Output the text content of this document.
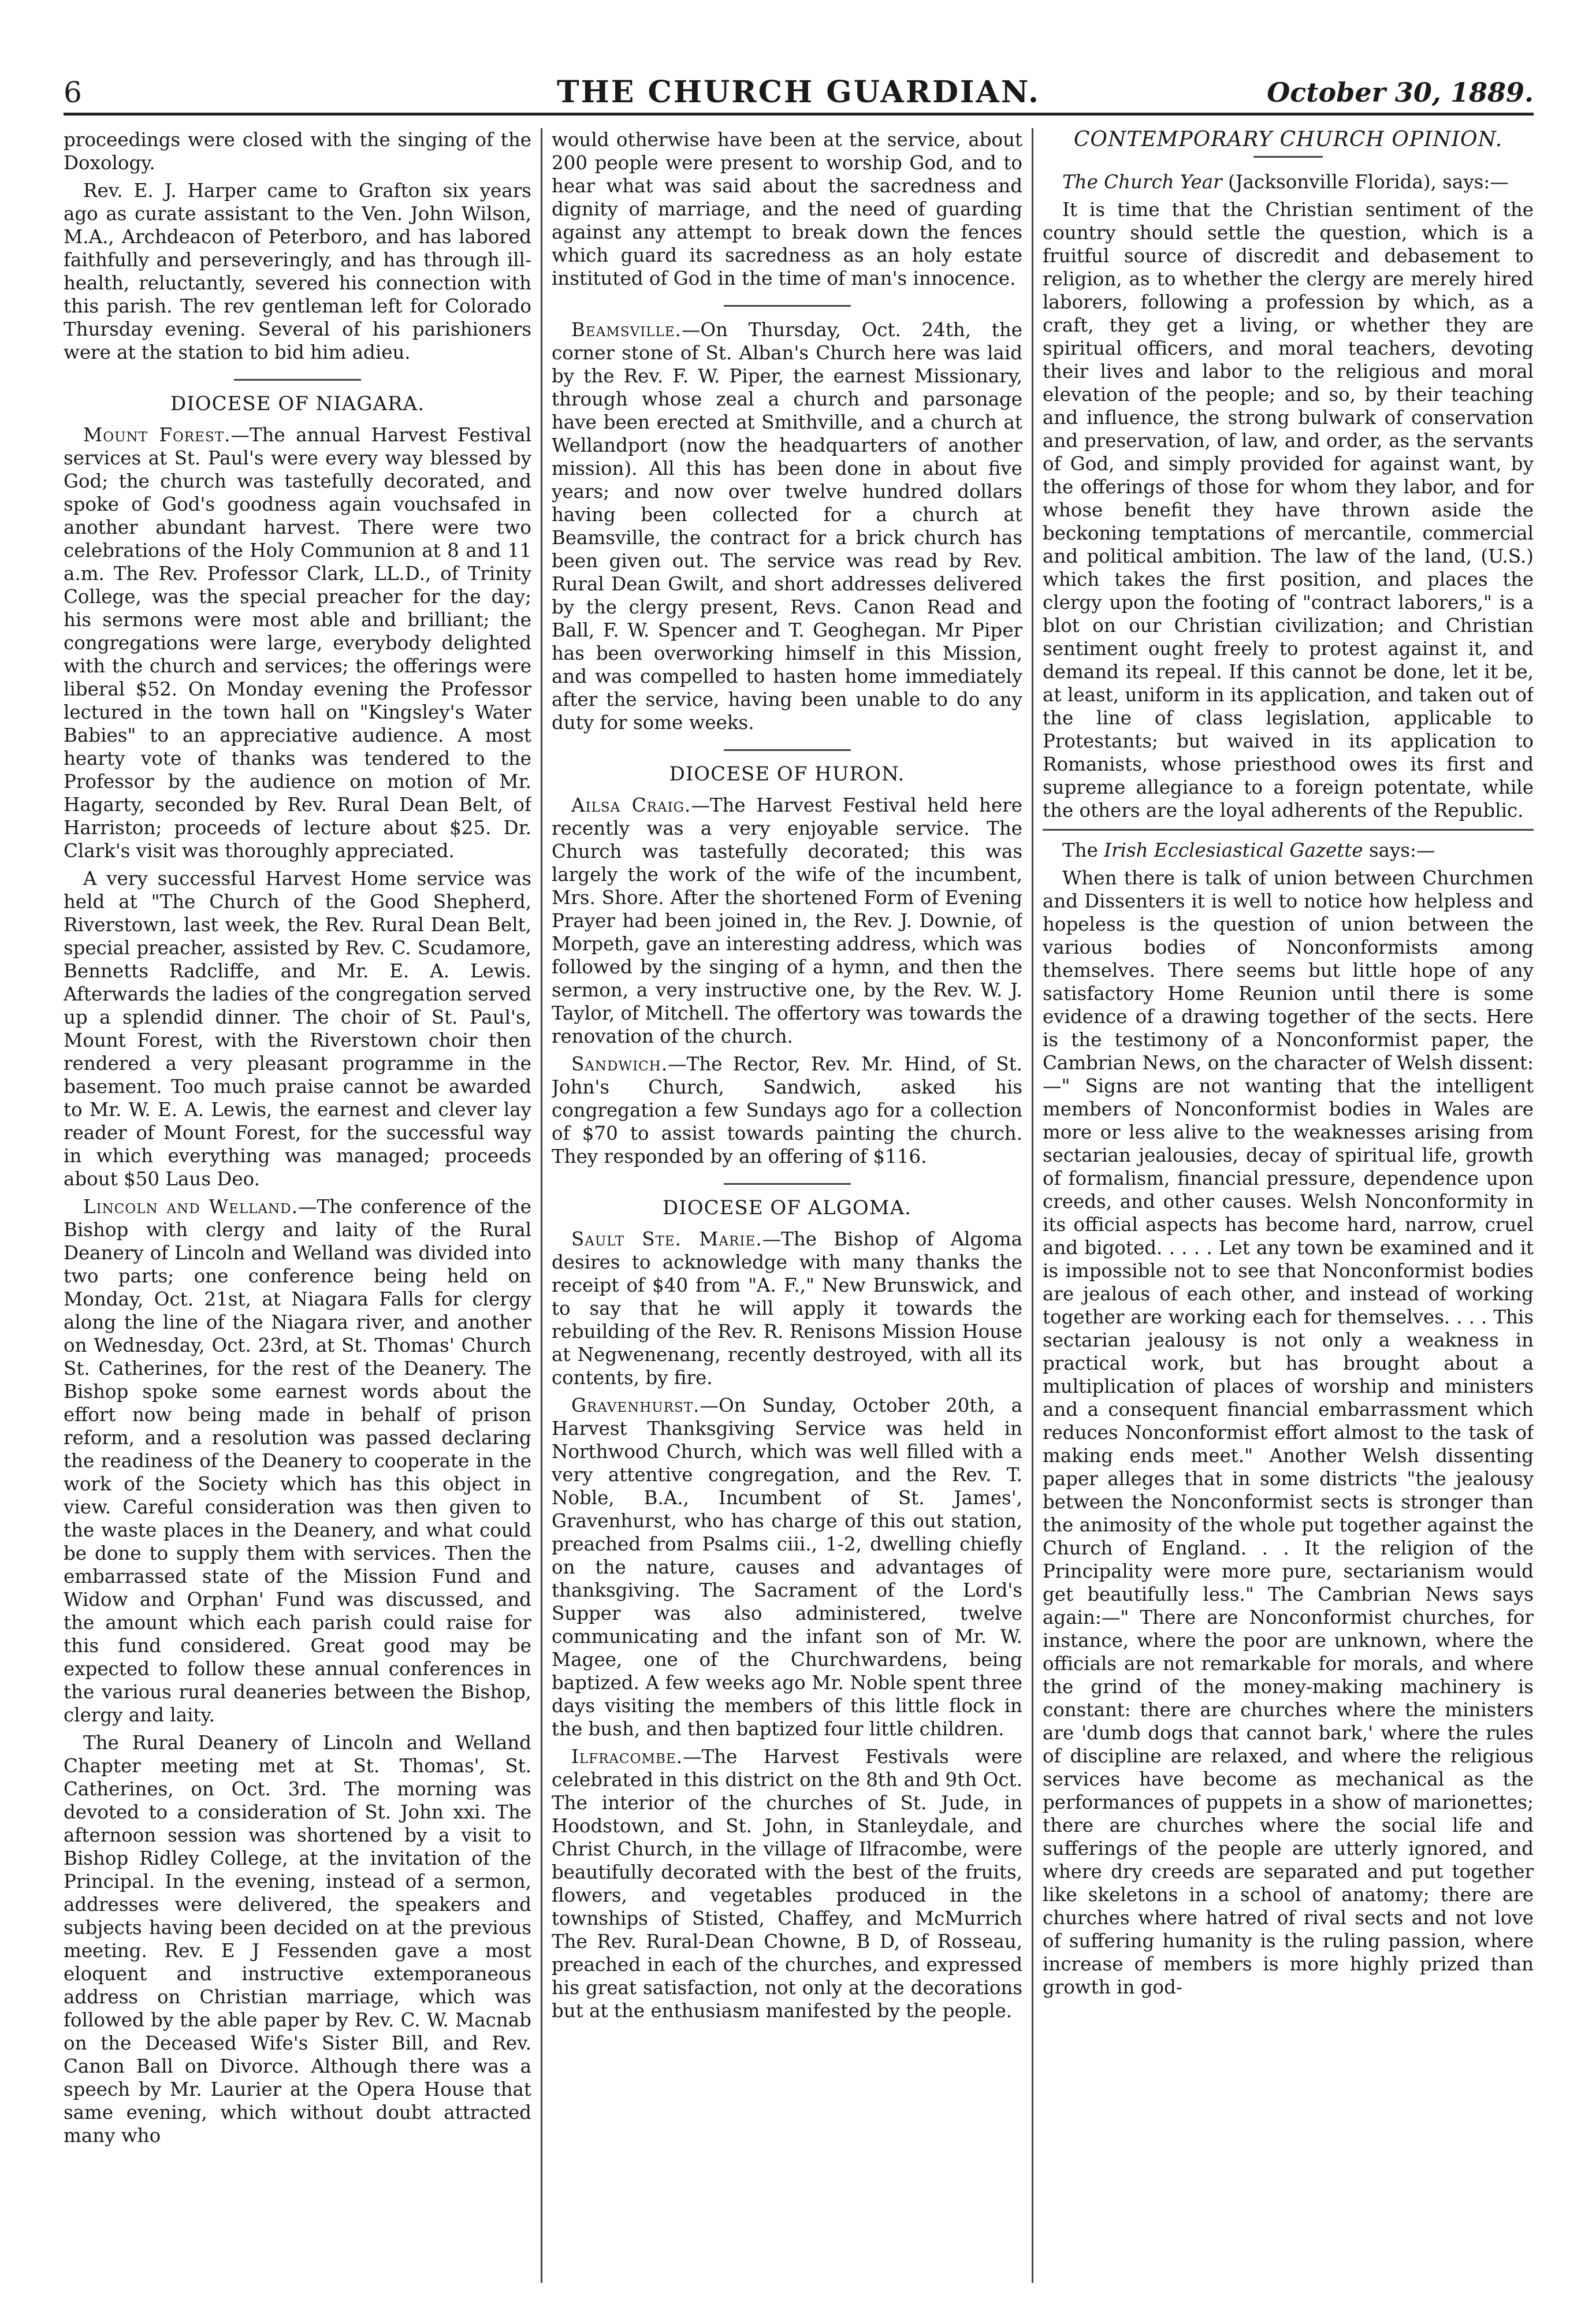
6	THE CHURCH GUARDIAN.	October 30, 1889.

proceedings were closed with the singing of the Doxology.

Rev. E. J. Harper came to Grafton six years ago as curate assistant to the Ven. John Wilson, M.A., Archdeacon of Peterboro, and has labored faithfully and perseveringly, and has through ill-health, reluctantly, severed his connection with this parish. The rev gentleman left for Colorado Thursday evening. Several of his parishioners were at the station to bid him adieu.

DIOCESE OF NIAGARA.

Mount Forest.—The annual Harvest Festival services at St. Paul's were every way blessed by God; the church was tastefully decorated, and spoke of God's goodness again vouchsafed in another abundant harvest. There were two celebrations of the Holy Communion at 8 and 11 a.m. The Rev. Professor Clark, LL.D., of Trinity College, was the special preacher for the day; his sermons were most able and brilliant; the congregations were large, everybody delighted with the church and services; the offerings were liberal $52. On Monday evening the Professor lectured in the town hall on "Kingsley's Water Babies" to an appreciative audience. A most hearty vote of thanks was tendered to the Professor by the audience on motion of Mr. Hagarty, seconded by Rev. Rural Dean Belt, of Harriston; proceeds of lecture about $25. Dr. Clark's visit was thoroughly appreciated.

A very successful Harvest Home service was held at "The Church of the Good Shepherd, Riverstown, last week, the Rev. Rural Dean Belt, special preacher, assisted by Rev. C. Scudamore, Bennetts Radcliffe, and Mr. E. A. Lewis. Afterwards the ladies of the congregation served up a splendid dinner. The choir of St. Paul's, Mount Forest, with the Riverstown choir then rendered a very pleasant programme in the basement. Too much praise cannot be awarded to Mr. W. E. A. Lewis, the earnest and clever lay reader of Mount Forest, for the successful way in which everything was managed; proceeds about $50 Laus Deo.

Lincoln and Welland.—The conference of the Bishop with clergy and laity of the Rural Deanery of Lincoln and Welland was divided into two parts; one conference being held on Monday, Oct. 21st, at Niagara Falls for clergy along the line of the Niagara river, and another on Wednesday, Oct. 23rd, at St. Thomas' Church St. Catherines, for the rest of the Deanery. The Bishop spoke some earnest words about the effort now being made in behalf of prison reform, and a resolution was passed declaring the readiness of the Deanery to cooperate in the work of the Society which has this object in view. Careful consideration was then given to the waste places in the Deanery, and what could be done to supply them with services. Then the embarrassed state of the Mission Fund and Widow and Orphan' Fund was discussed, and the amount which each parish could raise for this fund considered. Great good may be expected to follow these annual conferences in the various rural deaneries between the Bishop, clergy and laity.

The Rural Deanery of Lincoln and Welland Chapter meeting met at St. Thomas', St. Catherines, on Oct. 3rd. The morning was devoted to a consideration of St. John xxi. The afternoon session was shortened by a visit to Bishop Ridley College, at the invitation of the Principal. In the evening, instead of a sermon, addresses were delivered, the speakers and subjects having been decided on at the previous meeting. Rev. E J Fessenden gave a most eloquent and instructive extemporaneous address on Christian marriage, which was followed by the able paper by Rev. C. W. Macnab on the Deceased Wife's Sister Bill, and Rev. Canon Ball on Divorce. Although there was a speech by Mr. Laurier at the Opera House that same evening, which without doubt attracted many who

would otherwise have been at the service, about 200 people were present to worship God, and to hear what was said about the sacredness and dignity of marriage, and the need of guarding against any attempt to break down the fences which guard its sacredness as an holy estate instituted of God in the time of man's innocence.

Beamsville.—On Thursday, Oct. 24th, the corner stone of St. Alban's Church here was laid by the Rev. F. W. Piper, the earnest Missionary, through whose zeal a church and parsonage have been erected at Smithville, and a church at Wellandport (now the headquarters of another mission). All this has been done in about five years; and now over twelve hundred dollars having been collected for a church at Beamsville, the contract for a brick church has been given out. The service was read by Rev. Rural Dean Gwilt, and short addresses delivered by the clergy present, Revs. Canon Read and Ball, F. W. Spencer and T. Geoghegan. Mr Piper has been overworking himself in this Mission, and was compelled to hasten home immediately after the service, having been unable to do any duty for some weeks.

DIOCESE OF HURON.

Ailsa Craig.—The Harvest Festival held here recently was a very enjoyable service. The Church was tastefully decorated; this was largely the work of the wife of the incumbent, Mrs. Shore. After the shortened Form of Evening Prayer had been joined in, the Rev. J. Downie, of Morpeth, gave an interesting address, which was followed by the singing of a hymn, and then the sermon, a very instructive one, by the Rev. W. J. Taylor, of Mitchell. The offertory was towards the renovation of the church.

Sandwich.—The Rector, Rev. Mr. Hind, of St. John's Church, Sandwich, asked his congregation a few Sundays ago for a collection of $70 to assist towards painting the church. They responded by an offering of $116.

DIOCESE OF ALGOMA.

Sault Ste. Marie.—The Bishop of Algoma desires to acknowledge with many thanks the receipt of $40 from "A. F.," New Brunswick, and to say that he will apply it towards the rebuilding of the Rev. R. Renisons Mission House at Negwenenang, recently destroyed, with all its contents, by fire.

Gravenhurst.—On Sunday, October 20th, a Harvest Thanksgiving Service was held in Northwood Church, which was well filled with a very attentive congregation, and the Rev. T. Noble, B.A., Incumbent of St. James', Gravenhurst, who has charge of this out station, preached from Psalms ciii., 1-2, dwelling chiefly on the nature, causes and advantages of thanksgiving. The Sacrament of the Lord's Supper was also administered, twelve communicating and the infant son of Mr. W. Magee, one of the Churchwardens, being baptized. A few weeks ago Mr. Noble spent three days visiting the members of this little flock in the bush, and then baptized four little children.

Ilfracombe.—The Harvest Festivals were celebrated in this district on the 8th and 9th Oct. The interior of the churches of St. Jude, in Hoodstown, and St. John, in Stanleydale, and Christ Church, in the village of Ilfracombe, were beautifully decorated with the best of the fruits, flowers, and vegetables produced in the townships of Stisted, Chaffey, and McMurrich The Rev. Rural-Dean Chowne, B D, of Rosseau, preached in each of the churches, and expressed his great satisfaction, not only at the decorations but at the enthusiasm manifested by the people.

CONTEMPORARY CHURCH OPINION.

The Church Year (Jacksonville Florida), says:—

It is time that the Christian sentiment of the country should settle the question, which is a fruitful source of discredit and debasement to religion, as to whether the clergy are merely hired laborers, following a profession by which, as a craft, they get a living, or whether they are spiritual officers, and moral teachers, devoting their lives and labor to the religious and moral elevation of the people; and so, by their teaching and influence, the strong bulwark of conservation and preservation, of law, and order, as the servants of God, and simply provided for against want, by the offerings of those for whom they labor, and for whose benefit they have thrown aside the beckoning temptations of mercantile, commercial and political ambition. The law of the land, (U.S.) which takes the first position, and places the clergy upon the footing of "contract laborers," is a blot on our Christian civilization; and Christian sentiment ought freely to protest against it, and demand its repeal. If this cannot be done, let it be, at least, uniform in its application, and taken out of the line of class legislation, applicable to Protestants; but waived in its application to Romanists, whose priesthood owes its first and supreme allegiance to a foreign potentate, while the others are the loyal adherents of the Republic.

The Irish Ecclesiastical Gazette says:—

When there is talk of union between Churchmen and Dissenters it is well to notice how helpless and hopeless is the question of union between the various bodies of Nonconformists among themselves. There seems but little hope of any satisfactory Home Reunion until there is some evidence of a drawing together of the sects. Here is the testimony of a Nonconformist paper, the Cambrian News, on the character of Welsh dissent:—" Signs are not wanting that the intelligent members of Nonconformist bodies in Wales are more or less alive to the weaknesses arising from sectarian jealousies, decay of spiritual life, growth of formalism, financial pressure, dependence upon creeds, and other causes. Welsh Nonconformity in its official aspects has become hard, narrow, cruel and bigoted. . . . . Let any town be examined and it is impossible not to see that Nonconformist bodies are jealous of each other, and instead of working together are working each for themselves. . . . This sectarian jealousy is not only a weakness in practical work, but has brought about a multiplication of places of worship and ministers and a consequent financial embarrassment which reduces Nonconformist effort almost to the task of making ends meet." Another Welsh dissenting paper alleges that in some districts "the jealousy between the Nonconformist sects is stronger than the animosity of the whole put together against the Church of England. . . It the religion of the Principality were more pure, sectarianism would get beautifully less." The Cambrian News says again:—" There are Nonconformist churches, for instance, where the poor are unknown, where the officials are not remarkable for morals, and where the grind of the money-making machinery is constant: there are churches where the ministers are 'dumb dogs that cannot bark,' where the rules of discipline are relaxed, and where the religious services have become as mechanical as the performances of puppets in a show of marionettes; there are churches where the social life and sufferings of the people are utterly ignored, and where dry creeds are separated and put together like skeletons in a school of anatomy; there are churches where hatred of rival sects and not love of suffering humanity is the ruling passion, where increase of members is more highly prized than growth in god-
